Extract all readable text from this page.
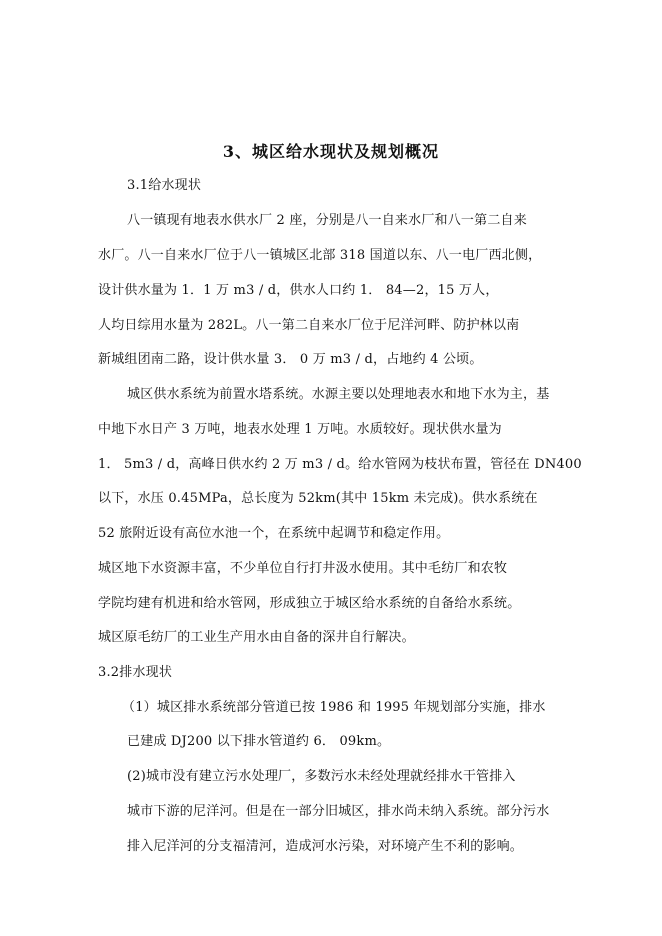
3、城区给水现状及规划概况
3.1给水现状
八一镇现有地表水供水厂 2 座，分别是八一自来水厂和八一第二自来
水厂。八一自来水厂位于八一镇城区北部 318 国道以东、八一电厂西北侧，
设计供水量为 1．1 万 m3 / d，供水人口约 1． 84—2，15 万人，
人均日综用水量为 282L。八一第二自来水厂位于尼洋河畔、防护林以南
新城组团南二路，设计供水量 3． 0 万 m3 / d，占地约 4 公顷。
城区供水系统为前置水塔系统。水源主要以处理地表水和地下水为主，基
中地下水日产 3 万吨，地表水处理 1 万吨。水质较好。现状供水量为
1． 5m3 / d，高峰日供水约 2 万 m3 / d。给水管网为枝状布置，管径在 DN400
以下，水压 0.45MPa，总长度为 52km(其中 15km 未完成)。供水系统在
52 旅附近设有高位水池一个，在系统中起调节和稳定作用。
城区地下水资源丰富，不少单位自行打井汲水使用。其中毛纺厂和农牧
学院均建有机进和给水管网，形成独立于城区给水系统的自备给水系统。
城区原毛纺厂的工业生产用水由自备的深井自行解决。
3.2排水现状
（1）城区排水系统部分管道已按 1986 和 1995 年规划部分实施，排水
已建成 DJ200 以下排水管道约 6． 09km。
(2)城市没有建立污水处理厂，多数污水未经处理就经排水干管排入
城市下游的尼洋河。但是在一部分旧城区，排水尚未纳入系统。部分污水
排入尼洋河的分支福清河，造成河水污染，对环境产生不利的影响。
